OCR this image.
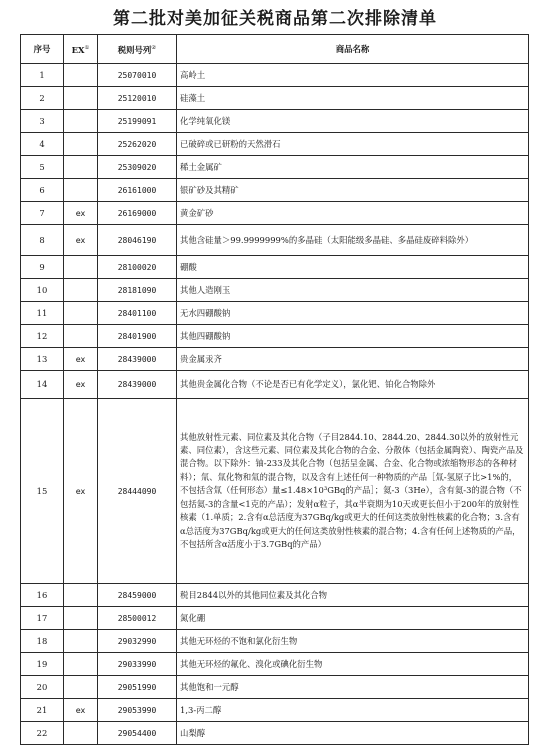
第二批对美加征关税商品第二次排除清单
序号	EX①	税则号列②	商品名称
1		25070010	高岭土
2		25120010	硅藻土
3		25199091	化学纯氧化镁
4		25262020	已破碎或已研粉的天然滑石
5		25309020	稀土金属矿
6		26161000	银矿砂及其精矿
7	ex	26169000	黄金矿砂
8	ex	28046190	其他含硅量＞99.9999999%的多晶硅（太阳能级多晶硅、多晶硅废碎料除外）
9		28100020	硼酸
10		28181090	其他人造刚玉
11		28401100	无水四硼酸钠
12		28401900	其他四硼酸钠
13	ex	28439000	贵金属汞齐
14	ex	28439000	其他贵金属化合物（不论是否已有化学定义），氯化钯、铂化合物除外
15	ex	28444090	其他放射性元素、同位素及其化合物（子目2844.10、2844.20、2844.30以外的放射性元素、同位素），含这些元素、同位素及其化合物的合金、分散体（包括金属陶瓷）、陶瓷产品及混合物。以下除外：铀-233及其化合物（包括呈金属、合金、化合物或浓缩物形态的各种材料）；氚、氚化物和氚的混合物，以及含有上述任何一种物质的产品［氚-氢原子比>1%的，不包括含氚（任何形态）量≤1.48×10³GBq的产品］；氦-3（3He），含有氦-3的混合物（不包括氦-3的含量<1克的产品）；发射α粒子，其α半衰期为10天或更长但小于200年的放射性核素（1.单质；2.含有α总活度为37GBq/kg或更大的任何这类放射性核素的化合物；3.含有α总活度为37GBq/kg或更大的任何这类放射性核素的混合物；4.含有任何上述物质的产品，不包括所含α活度小于3.7GBq的产品）
16		28459000	税目2844以外的其他同位素及其化合物
17		28500012	氮化硼
18		29032990	其他无环烃的不饱和氯化衍生物
19		29033990	其他无环烃的氟化、溴化或碘化衍生物
20		29051990	其他饱和一元醇
21	ex	29053990	1,3-丙二醇
22		29054400	山梨醇
